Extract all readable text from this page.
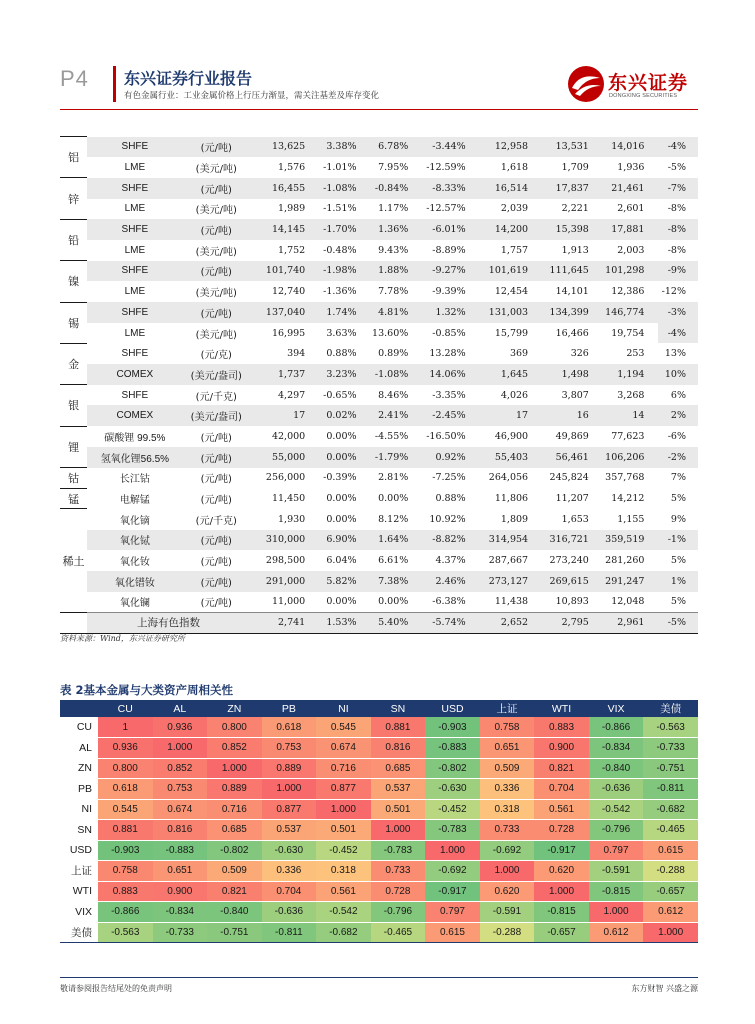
P4 东兴证券行业报告
有色金属行业：工业金属价格上行压力渐显，需关注基差及库存变化
东兴证券
DONGXING SECURITIES
铝	SHFE	(元/吨)	13,625	3.38%	6.78%	-3.44%	12,958	13,531	14,016	-4%
	LME	(美元/吨)	1,576	-1.01%	7.95%	-12.59%	1,618	1,709	1,936	-5%
锌	SHFE	(元/吨)	16,455	-1.08%	-0.84%	-8.33%	16,514	17,837	21,461	-7%
	LME	(美元/吨)	1,989	-1.51%	1.17%	-12.57%	2,039	2,221	2,601	-8%
铅	SHFE	(元/吨)	14,145	-1.70%	1.36%	-6.01%	14,200	15,398	17,881	-8%
	LME	(美元/吨)	1,752	-0.48%	9.43%	-8.89%	1,757	1,913	2,003	-8%
镍	SHFE	(元/吨)	101,740	-1.98%	1.88%	-9.27%	101,619	111,645	101,298	-9%
	LME	(美元/吨)	12,740	-1.36%	7.78%	-9.39%	12,454	14,101	12,386	-12%
锡	SHFE	(元/吨)	137,040	1.74%	4.81%	1.32%	131,003	134,399	146,774	-3%
	LME	(美元/吨)	16,995	3.63%	13.60%	-0.85%	15,799	16,466	19,754	-4%
金	SHFE	(元/克)	394	0.88%	0.89%	13.28%	369	326	253	13%
	COMEX	(美元/盎司)	1,737	3.23%	-1.08%	14.06%	1,645	1,498	1,194	10%
银	SHFE	(元/千克)	4,297	-0.65%	8.46%	-3.35%	4,026	3,807	3,268	6%
	COMEX	(美元/盎司)	17	0.02%	2.41%	-2.45%	17	16	14	2%
锂	碳酸锂 99.5%	(元/吨)	42,000	0.00%	-4.55%	-16.50%	46,900	49,869	77,623	-6%
	氢氧化锂56.5%	(元/吨)	55,000	0.00%	-1.79%	0.92%	55,403	56,461	106,206	-2%
钴	长江钴	(元/吨)	256,000	-0.39%	2.81%	-7.25%	264,056	245,824	357,768	7%
锰	电解锰	(元/吨)	11,450	0.00%	0.00%	0.88%	11,806	11,207	14,212	5%
稀土	氧化镝	(元/千克)	1,930	0.00%	8.12%	10.92%	1,809	1,653	1,155	9%
	氧化铽	(元/吨)	310,000	6.90%	1.64%	-8.82%	314,954	316,721	359,519	-1%
	氧化钕	(元/吨)	298,500	6.04%	6.61%	4.37%	287,667	273,240	281,260	5%
	氧化镨钕	(元/吨)	291,000	5.82%	7.38%	2.46%	273,127	269,615	291,247	1%
	氧化镧	(元/吨)	11,000	0.00%	0.00%	-6.38%	11,438	10,893	12,048	5%
	上海有色指数		2,741	1.53%	5.40%	-5.74%	2,652	2,795	2,961	-5%
资料来源：Wind，东兴证券研究所
表 2基本金属与大类资产周相关性
	CU	AL	ZN	PB	NI	SN	USD	上证	WTI	VIX	美债
CU	1	0.936	0.800	0.618	0.545	0.881	-0.903	0.758	0.883	-0.866	-0.563
AL	0.936	1.000	0.852	0.753	0.674	0.816	-0.883	0.651	0.900	-0.834	-0.733
ZN	0.800	0.852	1.000	0.889	0.716	0.685	-0.802	0.509	0.821	-0.840	-0.751
PB	0.618	0.753	0.889	1.000	0.877	0.537	-0.630	0.336	0.704	-0.636	-0.811
NI	0.545	0.674	0.716	0.877	1.000	0.501	-0.452	0.318	0.561	-0.542	-0.682
SN	0.881	0.816	0.685	0.537	0.501	1.000	-0.783	0.733	0.728	-0.796	-0.465
USD	-0.903	-0.883	-0.802	-0.630	-0.452	-0.783	1.000	-0.692	-0.917	0.797	0.615
上证	0.758	0.651	0.509	0.336	0.318	0.733	-0.692	1.000	0.620	-0.591	-0.288
WTI	0.883	0.900	0.821	0.704	0.561	0.728	-0.917	0.620	1.000	-0.815	-0.657
VIX	-0.866	-0.834	-0.840	-0.636	-0.542	-0.796	0.797	-0.591	-0.815	1.000	0.612
美债	-0.563	-0.733	-0.751	-0.811	-0.682	-0.465	0.615	-0.288	-0.657	0.612	1.000
敬请参阅报告结尾处的免责声明	东方财智 兴盛之源
